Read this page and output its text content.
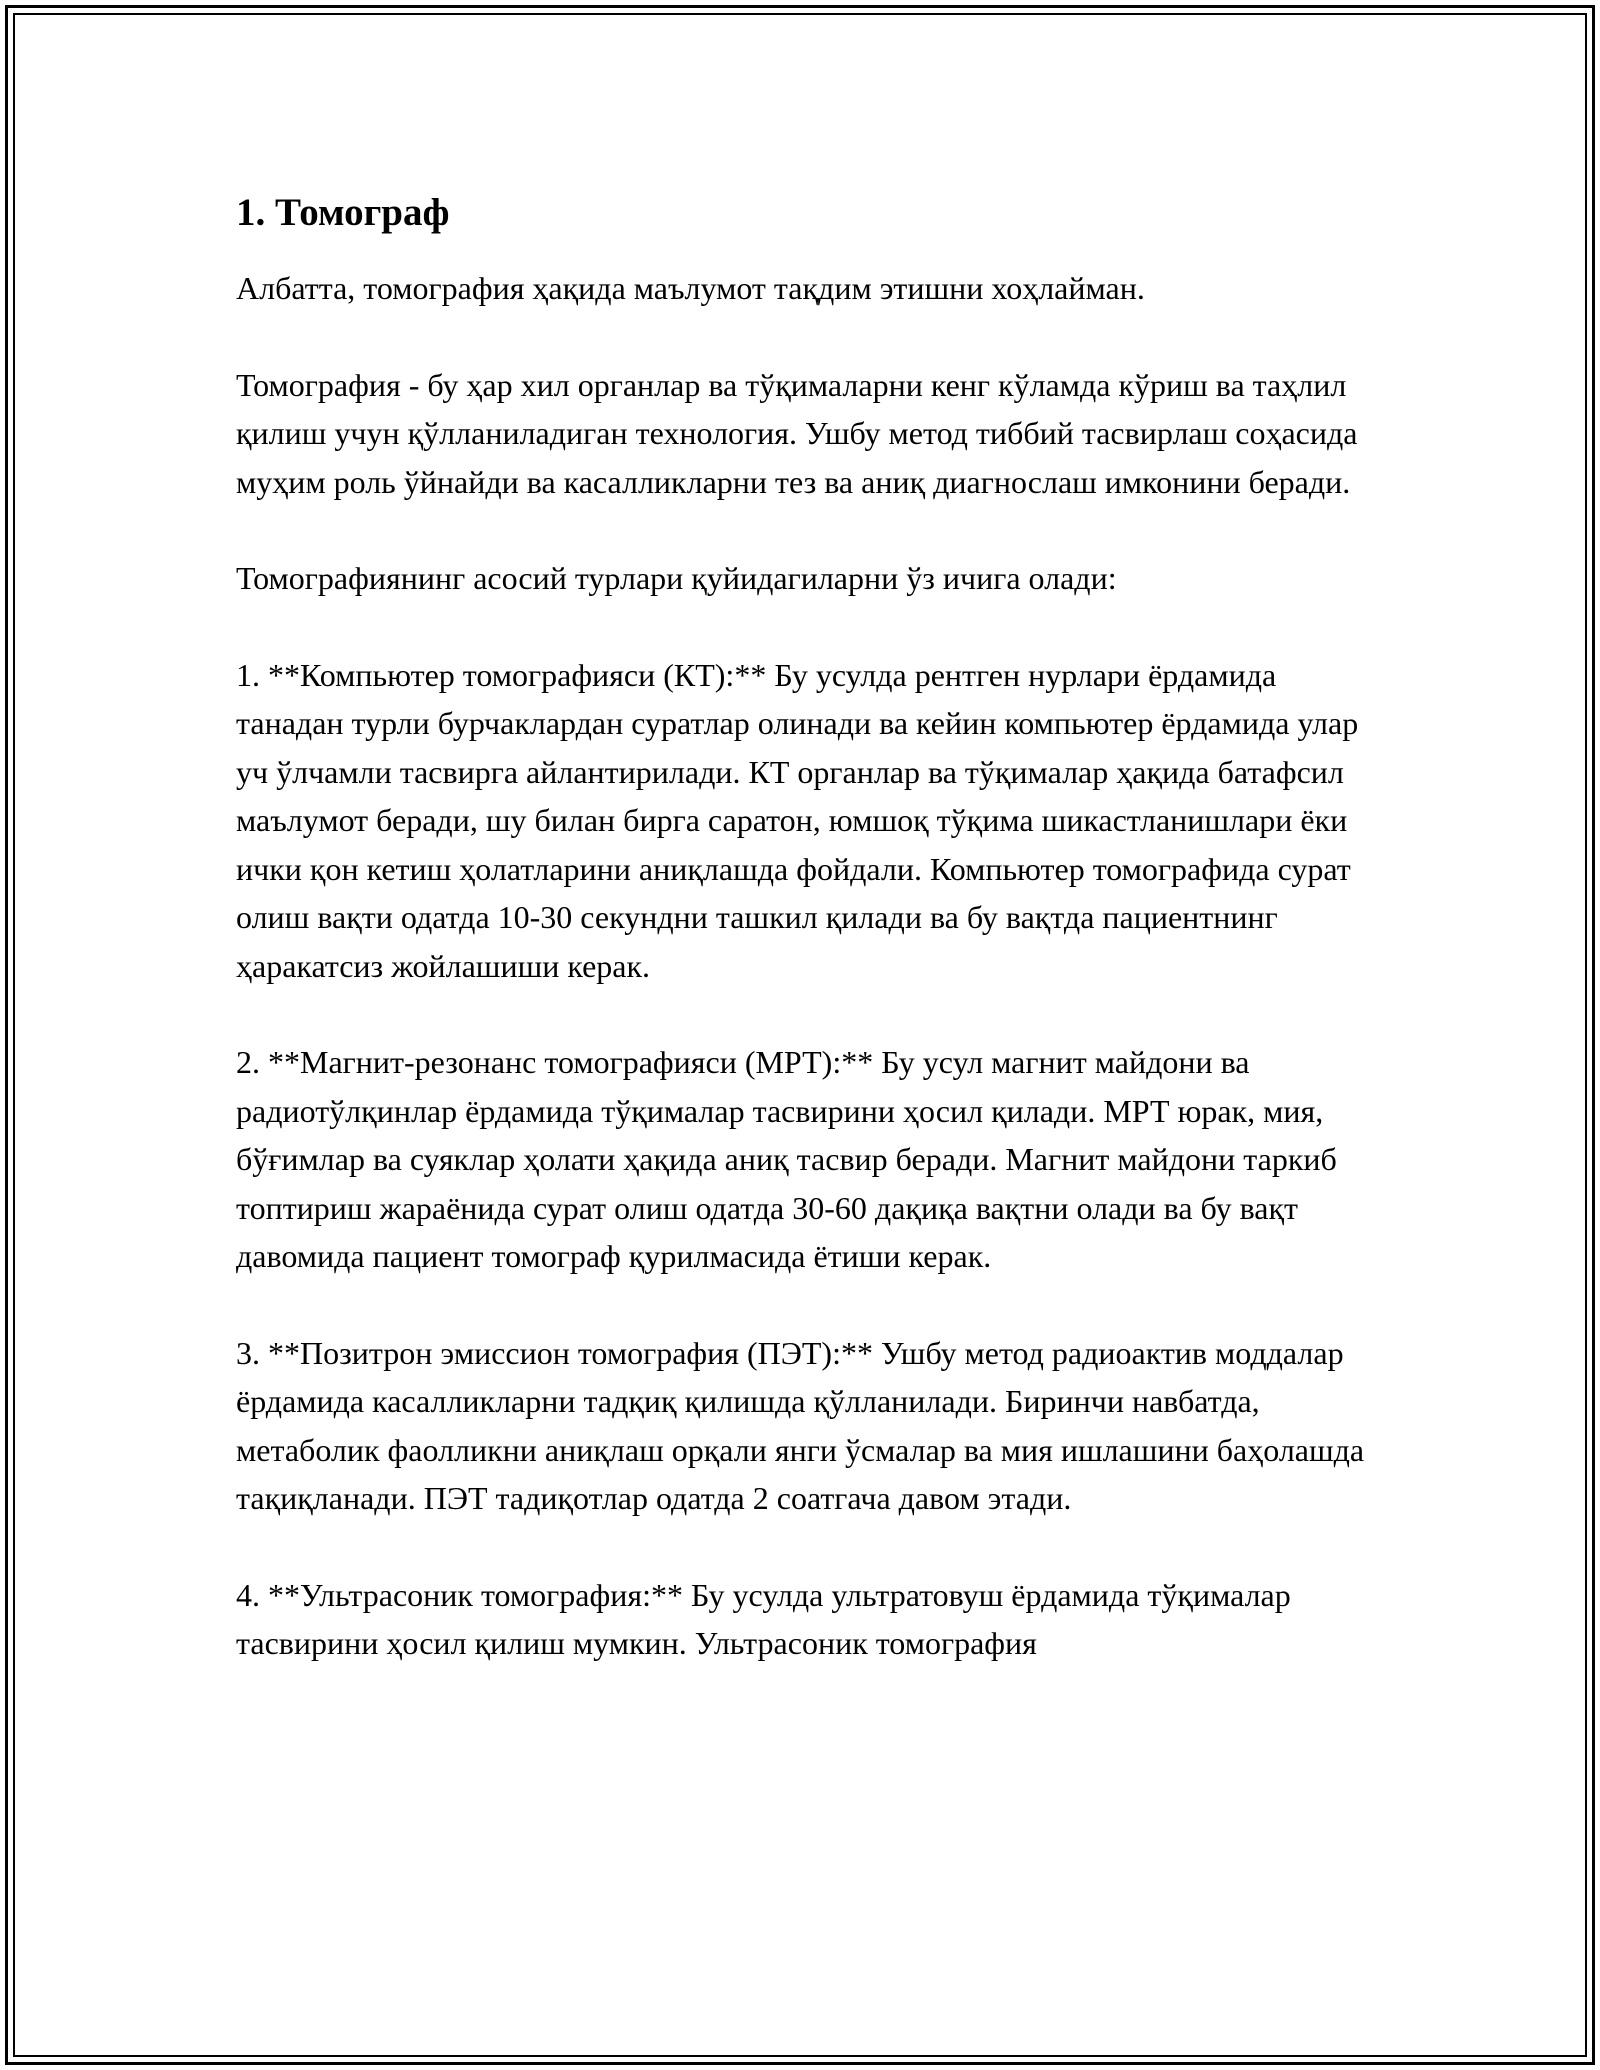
1. Томограф

Албатта, томография ҳақида маълумот тақдим этишни хоҳлайман.

Томография - бу ҳар хил органлар ва тўқималарни кенг кўламда кўриш ва таҳлил қилиш учун қўлланиладиган технология. Ушбу метод тиббий тасвирлаш соҳасида муҳим роль ўйнайди ва касалликларни тез ва аниқ диагнослаш имконини беради.

Томографиянинг асосий турлари қуйидагиларни ўз ичига олади:

1. **Компьютер томографияси (КТ):** Бу усулда рентген нурлари ёрдамида танадан турли бурчаклардан суратлар олинади ва кейин компьютер ёрдамида улар уч ўлчамли тасвирга айлантирилади. КТ органлар ва тўқималар ҳақида батафсил маълумот беради, шу билан бирга саратон, юмшоқ тўқима шикастланишлари ёки ички қон кетиш ҳолатларини аниқлашда фойдали. Компьютер томографида сурат олиш вақти одатда 10-30 секундни ташкил қилади ва бу вақтда пациентнинг ҳаракатсиз жойлашиши керак.

2. **Магнит-резонанс томографияси (МРТ):** Бу усул магнит майдони ва радиотўлқинлар ёрдамида тўқималар тасвирини ҳосил қилади. МРТ юрак, мия, бўғимлар ва суяклар ҳолати ҳақида аниқ тасвир беради. Магнит майдони таркиб топтириш жараёнида сурат олиш одатда 30-60 дақиқа вақтни олади ва бу вақт давомида пациент томограф қурилмасида ётиши керак.

3. **Позитрон эмиссион томография (ПЭТ):** Ушбу метод радиоактив моддалар ёрдамида касалликларни тадқиқ қилишда қўлланилади. Биринчи навбатда, метаболик фаолликни аниқлаш орқали янги ўсмалар ва мия ишлашини баҳолашда тақиқланади. ПЭТ тадиқотлар одатда 2 соатгача давом этади.

4. **Ультрасоник томография:** Бу усулда ультратовуш ёрдамида тўқималар тасвирини ҳосил қилиш мумкин. Ультрасоник томография
